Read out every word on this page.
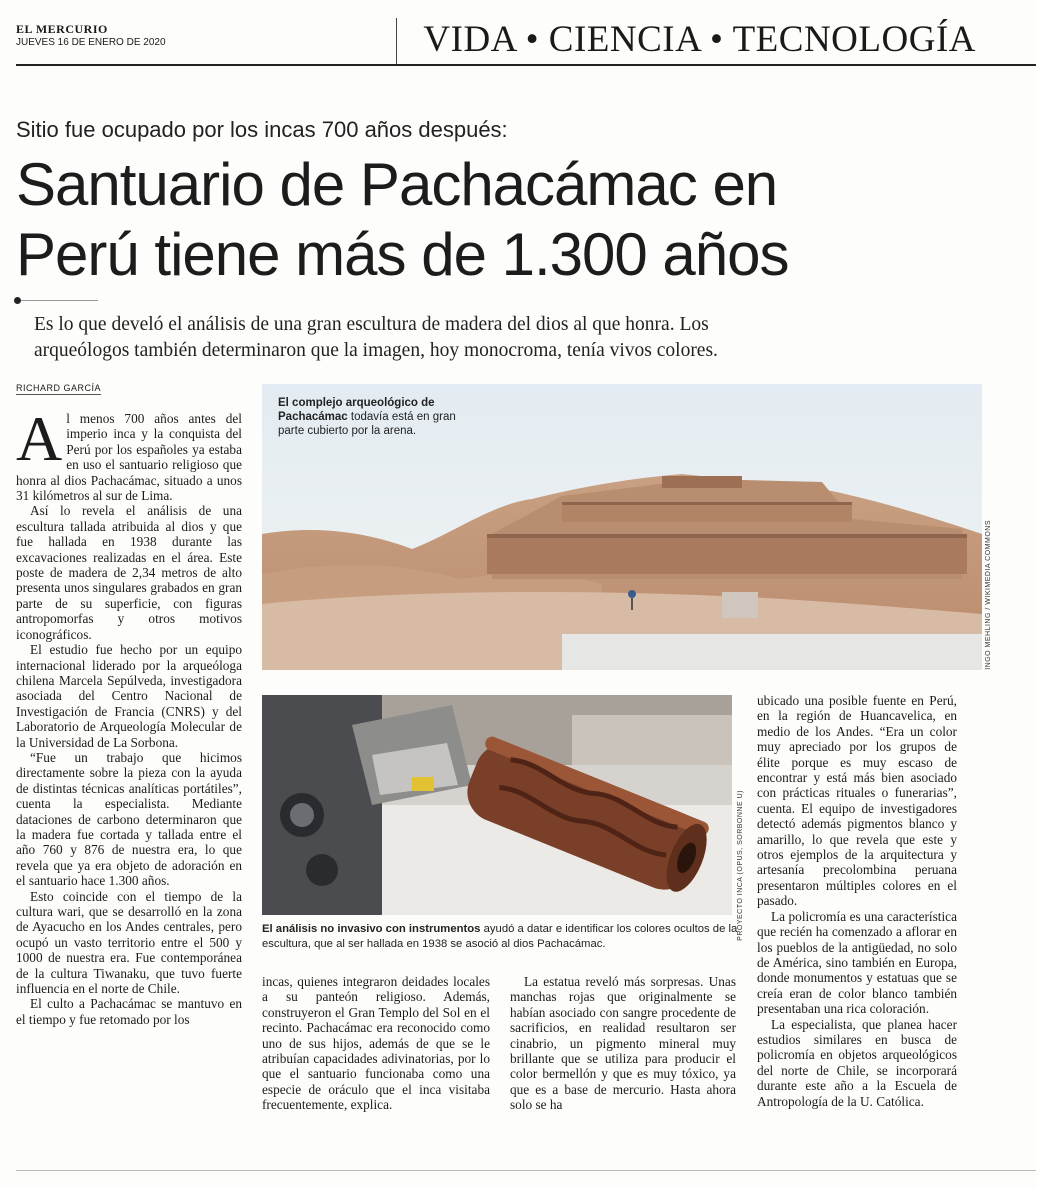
EL MERCURIO
JUEVES 16 DE ENERO DE 2020	VIDA • CIENCIA • TECNOLOGÍA
Sitio fue ocupado por los incas 700 años después:
Santuario de Pachacámac en
Perú tiene más de 1.300 años
Es lo que develó el análisis de una gran escultura de madera del dios al que honra. Los
arqueólogos también determinaron que la imagen, hoy monocroma, tenía vivos colores.
RICHARD GARCÍA
El complejo arqueológico de Pachacámac todavía está en gran parte cubierto por la arena.
INGO MEHLING / WIKIMEDIA COMMONS
PROYECTO INCA (OPUS, SORBONNE U)
El análisis no invasivo con instrumentos ayudó a datar e identificar los colores ocultos de la escultura, que al ser hallada en 1938 se asoció al dios Pachacámac.

Al menos 700 años antes del imperio inca y la conquista del Perú por los españoles ya estaba en uso el santuario religioso que honra al dios Pachacámac, situado a unos 31 kilómetros al sur de Lima.

Así lo revela el análisis de una escultura tallada atribuida al dios y que fue hallada en 1938 durante las excavaciones realizadas en el área. Este poste de madera de 2,34 metros de alto presenta unos singulares grabados en gran parte de su superficie, con figuras antropomorfas y otros motivos iconográficos.

El estudio fue hecho por un equipo internacional liderado por la arqueóloga chilena Marcela Sepúlveda, investigadora asociada del Centro Nacional de Investigación de Francia (CNRS) y del Laboratorio de Arqueología Molecular de la Universidad de La Sorbona.

“Fue un trabajo que hicimos directamente sobre la pieza con la ayuda de distintas técnicas analíticas portátiles”, cuenta la especialista. Mediante dataciones de carbono determinaron que la madera fue cortada y tallada entre el año 760 y 876 de nuestra era, lo que revela que ya era objeto de adoración en el santuario hace 1.300 años.

Esto coincide con el tiempo de la cultura wari, que se desarrolló en la zona de Ayacucho en los Andes centrales, pero ocupó un vasto territorio entre el 500 y 1000 de nuestra era. Fue contemporánea de la cultura Tiwanaku, que tuvo fuerte influencia en el norte de Chile.

El culto a Pachacámac se mantuvo en el tiempo y fue retomado por los

incas, quienes integraron deidades locales a su panteón religioso. Además, construyeron el Gran Templo del Sol en el recinto. Pachacámac era reconocido como uno de sus hijos, además de que se le atribuían capacidades adivinatorias, por lo que el santuario funcionaba como una especie de oráculo que el inca visitaba frecuentemente, explica.

La estatua reveló más sorpresas. Unas manchas rojas que originalmente se habían asociado con sangre procedente de sacrificios, en realidad resultaron ser cinabrio, un pigmento mineral muy brillante que se utiliza para producir el color bermellón y que es muy tóxico, ya que es a base de mercurio. Hasta ahora solo se ha

ubicado una posible fuente en Perú, en la región de Huancavelica, en medio de los Andes. “Era un color muy apreciado por los grupos de élite porque es muy escaso de encontrar y está más bien asociado con prácticas rituales o funerarias”, cuenta. El equipo de investigadores detectó además pigmentos blanco y amarillo, lo que revela que este y otros ejemplos de la arquitectura y artesanía precolombina peruana presentaron múltiples colores en el pasado.

La policromía es una característica que recién ha comenzado a aflorar en los pueblos de la antigüedad, no solo de América, sino también en Europa, donde monumentos y estatuas que se creía eran de color blanco también presentaban una rica coloración.

La especialista, que planea hacer estudios similares en busca de policromía en objetos arqueológicos del norte de Chile, se incorporará durante este año a la Escuela de Antropología de la U. Católica.
